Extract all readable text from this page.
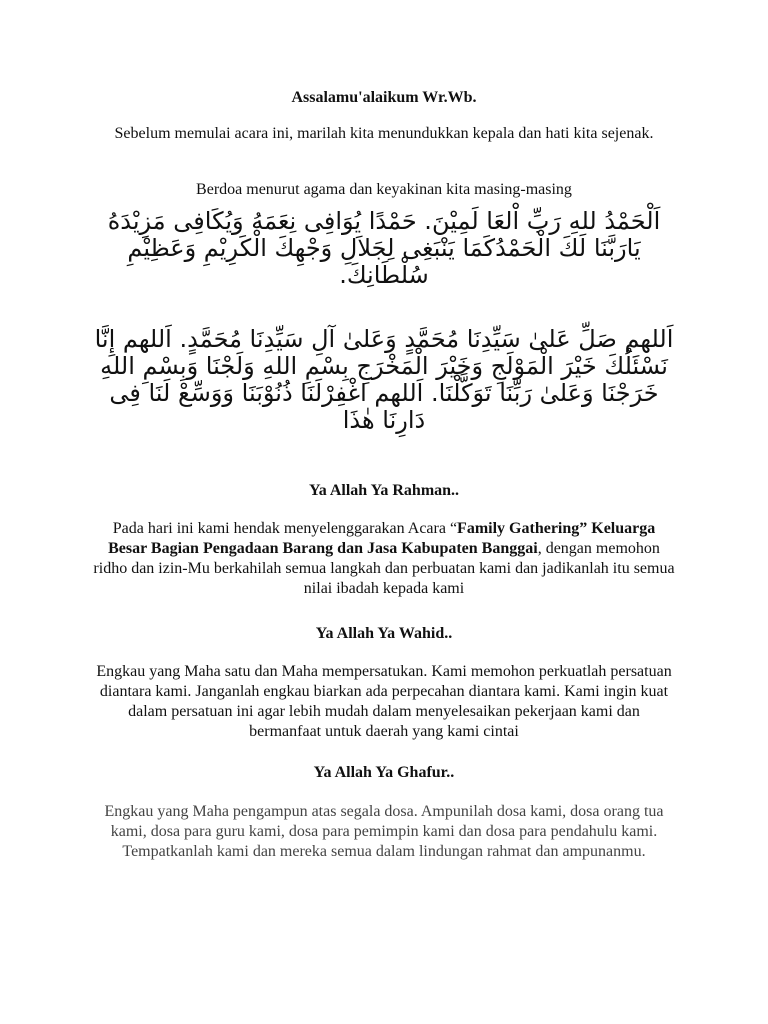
Assalamu'alaikum Wr.Wb.

Sebelum memulai acara ini, marilah kita menundukkan kepala dan hati kita sejenak.

Berdoa menurut agama dan keyakinan kita masing-masing

اَلْحَمْدُ للهِ رَبِّ اْلعَا لَمِيْنَ. حَمْدًا يُوَافِى نِعَمَهُ وَيُكَافِى مَزِيْدَهُ يَارَبَّنَا لَكَ الْحَمْدُكَمَا يَنْبَغِى لِجَلاَلِ وَجْهِكَ الْكَرِيْمِ وَعَظِيْمِ سُلْطَانِكَ.

اَللهم صَلِّ عَلىٰ سَيِّدِنَا مُحَمَّدٍ وَعَلىٰ آلِ سَيِّدِنَا مُحَمَّدٍ. اَللهم إِنَّا نَسْئَلُكَ خَيْرَ الْمَوْلَجِ وَخَيْرَ الْمَخْرَجِ بِسْمِ اللهِ وَلَجْنَا وَبِسْمِ اللهِ خَرَجْنَا وَعَلىٰ رَبِّنَا تَوَكَّلْنَا. اَللهم اغْفِرْلَنَا ذُنُوْبَنَا وَوَسِّعْ لَنَا فِى دَارِنَا هٰذَا

Ya Allah Ya Rahman..

Pada hari ini kami hendak menyelenggarakan Acara “Family Gathering” Keluarga Besar Bagian Pengadaan Barang dan Jasa Kabupaten Banggai, dengan memohon ridho dan izin-Mu berkahilah semua langkah dan perbuatan kami dan jadikanlah itu semua nilai ibadah kepada kami

Ya Allah Ya Wahid..

Engkau yang Maha satu dan Maha mempersatukan. Kami memohon perkuatlah persatuan diantara kami. Janganlah engkau biarkan ada perpecahan diantara kami. Kami ingin kuat dalam persatuan ini agar lebih mudah dalam menyelesaikan pekerjaan kami dan bermanfaat untuk daerah yang kami cintai

Ya Allah Ya Ghafur..

Engkau yang Maha pengampun atas segala dosa. Ampunilah dosa kami, dosa orang tua kami, dosa para guru kami, dosa para pemimpin kami dan dosa para pendahulu kami. Tempatkanlah kami dan mereka semua dalam lindungan rahmat dan ampunanmu.
